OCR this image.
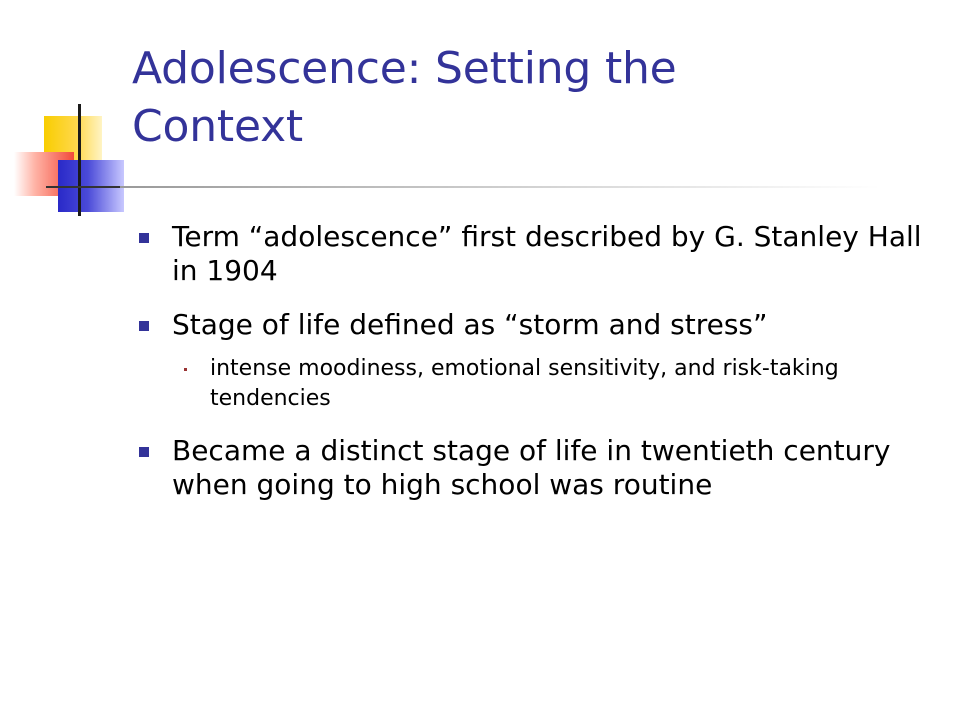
Adolescence: Setting the Context
Term “adolescence” first described by G. Stanley Hall in 1904
Stage of life defined as “storm and stress”
intense moodiness, emotional sensitivity, and risk-taking tendencies
Became a distinct stage of life in twentieth century when going to high school was routine
